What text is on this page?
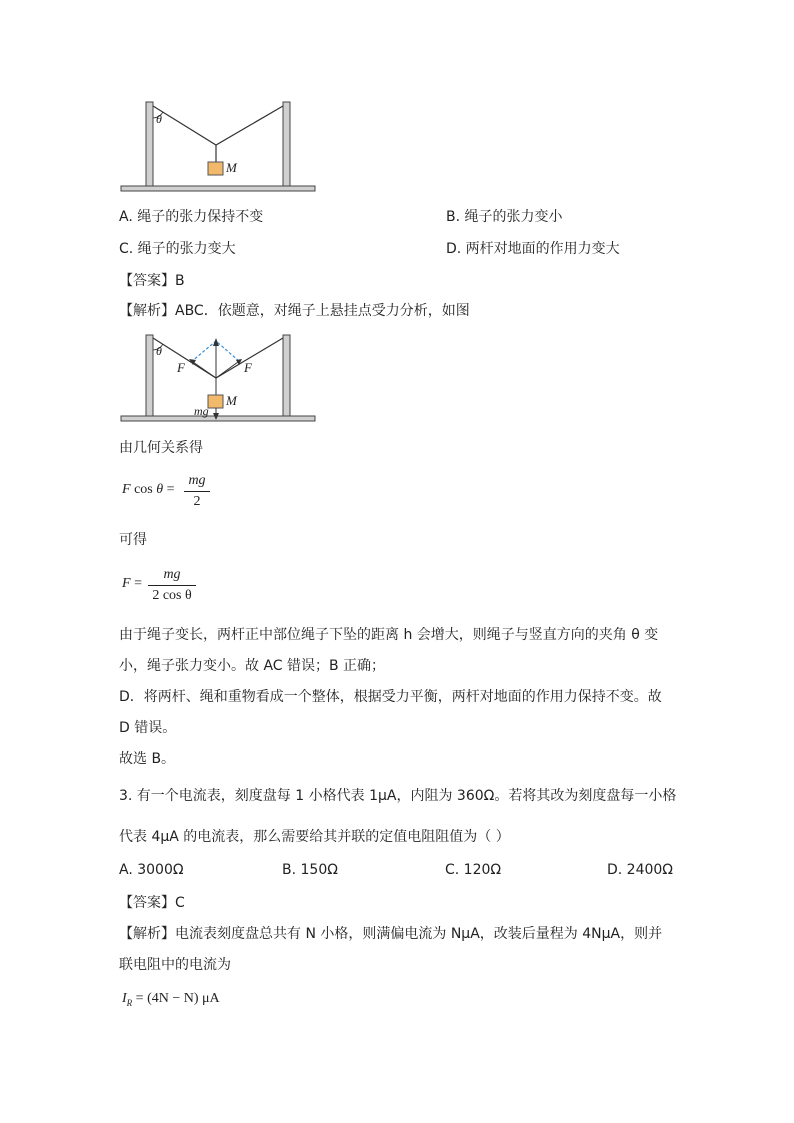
θ
M
A. 绳子的张力保持不变	B. 绳子的张力变小
C. 绳子的张力变大	D. 两杆对地面的作用力变大
【答案】B
【解析】ABC．依题意，对绳子上悬挂点受力分析，如图
θ
F	F
M
mg
由几何关系得
F cos θ =
mg
2
可得
F =
mg
2 cos θ
由于绳子变长，两杆正中部位绳子下坠的距离 h 会增大，则绳子与竖直方向的夹角 θ 变
小，绳子张力变小。故 AC 错误；B 正确；
D．将两杆、绳和重物看成一个整体，根据受力平衡，两杆对地面的作用力保持不变。故
D 错误。
故选 B。
3. 有一个电流表，刻度盘每 1 小格代表 1μA，内阻为 360Ω。若将其改为刻度盘每一小格
代表 4μA 的电流表，那么需要给其并联的定值电阻阻值为（ ）
A. 3000Ω	B. 150Ω	C. 120Ω	D. 2400Ω
【答案】C
【解析】电流表刻度盘总共有 N 小格，则满偏电流为 NμA，改装后量程为 4NμA，则并
联电阻中的电流为
$I_R = (4N - N)$ μA
